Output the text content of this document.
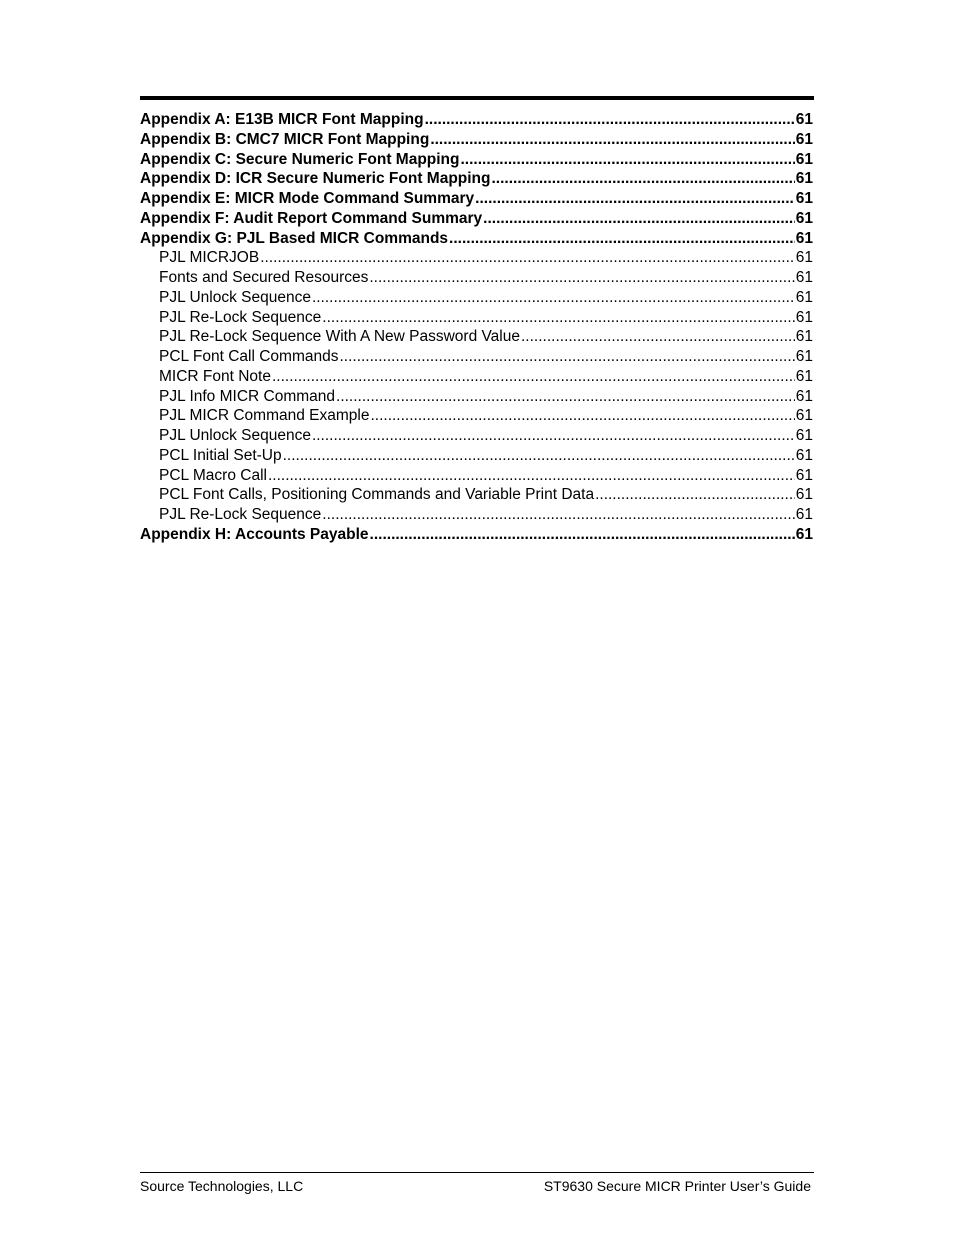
Appendix A: E13B MICR Font Mapping .....	61
Appendix B: CMC7 MICR Font Mapping .....	61
Appendix C: Secure Numeric Font Mapping .....	61
Appendix D: ICR Secure Numeric Font Mapping .....	61
Appendix E: MICR Mode Command Summary .....	61
Appendix F: Audit Report Command Summary .....	61
Appendix G: PJL Based MICR Commands .....	61
PJL MICRJOB .....	61
Fonts and Secured Resources .....	61
PJL Unlock Sequence .....	61
PJL Re-Lock Sequence .....	61
PJL Re-Lock Sequence With A New Password Value .....	61
PCL Font Call Commands .....	61
MICR Font Note .....	61
PJL Info MICR Command .....	61
PJL MICR Command Example .....	61
PJL Unlock Sequence .....	61
PCL Initial Set-Up .....	61
PCL Macro Call .....	61
PCL Font Calls, Positioning Commands and Variable Print Data .....	61
PJL Re-Lock Sequence .....	61
Appendix H: Accounts Payable .....	61
Source Technologies, LLC	ST9630 Secure MICR Printer User’s Guide
